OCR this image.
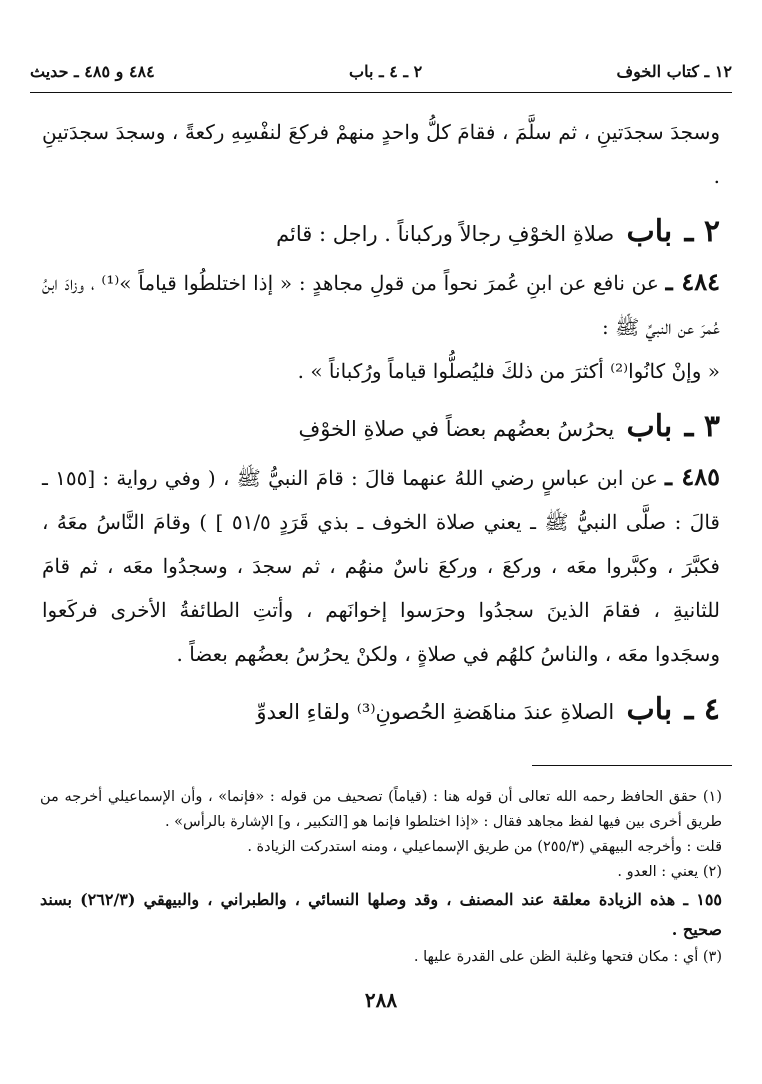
١٢ ـ كتاب الخوف
٢ ـ ٤ ـ باب
٤٨٤ و ٤٨٥ ـ حديث

وسجدَ سجدَتينِ ، ثم سلَّمَ ، فقامَ كلُّ واحدٍ منهمْ فركعَ لنفْسِهِ ركعةً ، وسجدَ سجدَتينِ .

٢ ـ باب صلاةِ الخوْفِ رجالاً وركباناً . راجل : قائم

٤٨٤ ـ عن نافع عن ابنِ عُمرَ نحواً من قولِ مجاهدٍ : « إذا اختلطُوا قياماً »⁽¹⁾ ، وزادَ ابنُ عُمرَ عن النبيِّ ﷺ :

« وإنْ كانُوا⁽²⁾ أكثرَ من ذلكَ فليُصلُّوا قياماً ورُكباناً » .

٣ ـ باب يحرُسُ بعضُهم بعضاً في صلاةِ الخوْفِ

٤٨٥ ـ عن ابن عباسٍ رضي اللهُ عنهما قالَ : قامَ النبيُّ ﷺ ، ( وفي رواية : [١٥٥ ـ قالَ : صلَّى النبيُّ ﷺ ـ يعني صلاة الخوف ـ بذي قَرَدٍ ٥١/٥ ] ) وقامَ النَّاسُ معَهُ ، فكبَّرَ ، وكبَّروا معَه ، وركعَ ، وركعَ ناسٌ منهُم ، ثم سجدَ ، وسجدُوا معَه ، ثم قامَ للثانيةِ ، فقامَ الذينَ سجدُوا وحرَسوا إخوانَهم ، وأتتِ الطائفةُ الأخرى فركَعوا وسجَدوا معَه ، والناسُ كلهُم في صلاةٍ ، ولكنْ يحرُسُ بعضُهم بعضاً .

٤ ـ باب الصلاةِ عندَ مناهَضةِ الحُصونِ⁽³⁾ ولقاءِ العدوِّ

(١) حقق الحافظ رحمه الله تعالى أن قوله هنا : (قياماً) تصحيف من قوله : «فإنما» ، وأن الإسماعيلي أخرجه من طريق أخرى بين فيها لفظ مجاهد فقال : «إذا اختلطوا فإنما هو [التكبير ، و] الإشارة بالرأس» .

قلت : وأخرجه البيهقي (٢٥٥/٣) من طريق الإسماعيلي ، ومنه استدركت الزيادة .

(٢) يعني : العدو .

١٥٥ ـ هذه الزيادة معلقة عند المصنف ، وقد وصلها النسائي ، والطبراني ، والبيهقي (٢٦٢/٣) بسند صحيح .

(٣) أي : مكان فتحها وغلبة الظن على القدرة عليها .

٢٨٨
